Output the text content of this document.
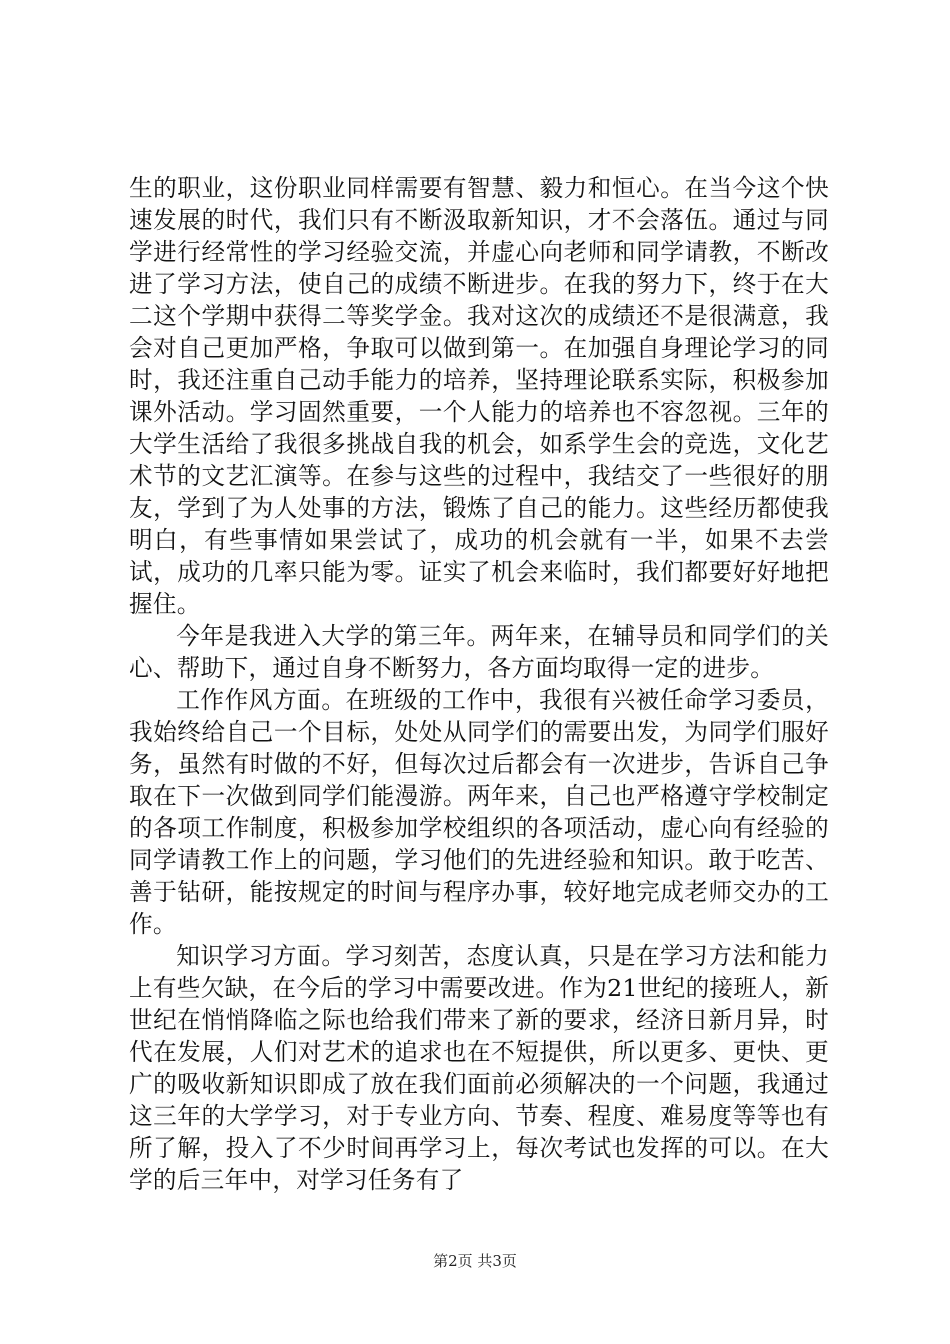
生的职业，这份职业同样需要有智慧、毅力和恒心。在当今这个快速发展的时代，我们只有不断汲取新知识，才不会落伍。通过与同学进行经常性的学习经验交流，并虚心向老师和同学请教，不断改进了学习方法，使自己的成绩不断进步。在我的努力下，终于在大二这个学期中获得二等奖学金。我对这次的成绩还不是很满意，我会对自己更加严格，争取可以做到第一。在加强自身理论学习的同时，我还注重自己动手能力的培养，坚持理论联系实际，积极参加课外活动。学习固然重要，一个人能力的培养也不容忽视。三年的大学生活给了我很多挑战自我的机会，如系学生会的竞选，文化艺术节的文艺汇演等。在参与这些的过程中，我结交了一些很好的朋友，学到了为人处事的方法，锻炼了自己的能力。这些经历都使我明白，有些事情如果尝试了，成功的机会就有一半，如果不去尝试，成功的几率只能为零。证实了机会来临时，我们都要好好地把握住。

今年是我进入大学的第三年。两年来，在辅导员和同学们的关心、帮助下，通过自身不断努力，各方面均取得一定的进步。

工作作风方面。在班级的工作中，我很有兴被任命学习委员，我始终给自己一个目标，处处从同学们的需要出发，为同学们服好务，虽然有时做的不好，但每次过后都会有一次进步，告诉自己争取在下一次做到同学们能漫游。两年来，自己也严格遵守学校制定的各项工作制度，积极参加学校组织的各项活动，虚心向有经验的同学请教工作上的问题，学习他们的先进经验和知识。敢于吃苦、善于钻研，能按规定的时间与程序办事，较好地完成老师交办的工作。

知识学习方面。学习刻苦，态度认真，只是在学习方法和能力上有些欠缺，在今后的学习中需要改进。作为21世纪的接班人，新世纪在悄悄降临之际也给我们带来了新的要求，经济日新月异，时代在发展，人们对艺术的追求也在不短提供，所以更多、更快、更广的吸收新知识即成了放在我们面前必须解决的一个问题，我通过这三年的大学学习，对于专业方向、节奏、程度、难易度等等也有所了解，投入了不少时间再学习上，每次考试也发挥的可以。在大学的后三年中，对学习任务有了

第2页 共3页
